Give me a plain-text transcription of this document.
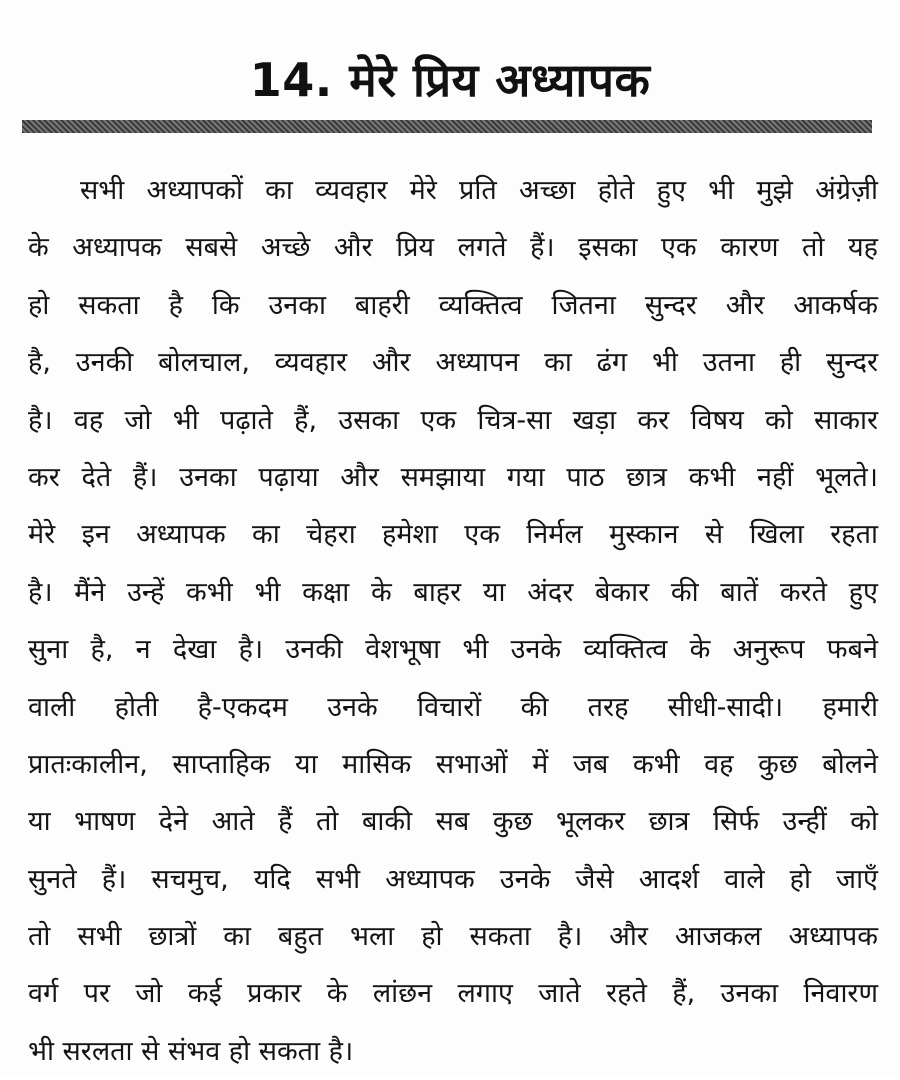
14. मेरे प्रिय अध्यापक
सभी अध्यापकों का व्यवहार मेरे प्रति अच्छा होते हुए भी मुझे अंग्रेज़ी
के अध्यापक सबसे अच्छे और प्रिय लगते हैं। इसका एक कारण तो यह
हो सकता है कि उनका बाहरी व्यक्तित्व जितना सुन्दर और आकर्षक
है, उनकी बोलचाल, व्यवहार और अध्यापन का ढंग भी उतना ही सुन्दर
है। वह जो भी पढ़ाते हैं, उसका एक चित्र-सा खड़ा कर विषय को साकार
कर देते हैं। उनका पढ़ाया और समझाया गया पाठ छात्र कभी नहीं भूलते।
मेरे इन अध्यापक का चेहरा हमेशा एक निर्मल मुस्कान से खिला रहता
है। मैंने उन्हें कभी भी कक्षा के बाहर या अंदर बेकार की बातें करते हुए
सुना है, न देखा है। उनकी वेशभूषा भी उनके व्यक्तित्व के अनुरूप फबने
वाली होती है-एकदम उनके विचारों की तरह सीधी-सादी। हमारी
प्रातःकालीन, साप्ताहिक या मासिक सभाओं में जब कभी वह कुछ बोलने
या भाषण देने आते हैं तो बाकी सब कुछ भूलकर छात्र सिर्फ उन्हीं को
सुनते हैं। सचमुच, यदि सभी अध्यापक उनके जैसे आदर्श वाले हो जाएँ
तो सभी छात्रों का बहुत भला हो सकता है। और आजकल अध्यापक
वर्ग पर जो कई प्रकार के लांछन लगाए जाते रहते हैं, उनका निवारण
भी सरलता से संभव हो सकता है।
